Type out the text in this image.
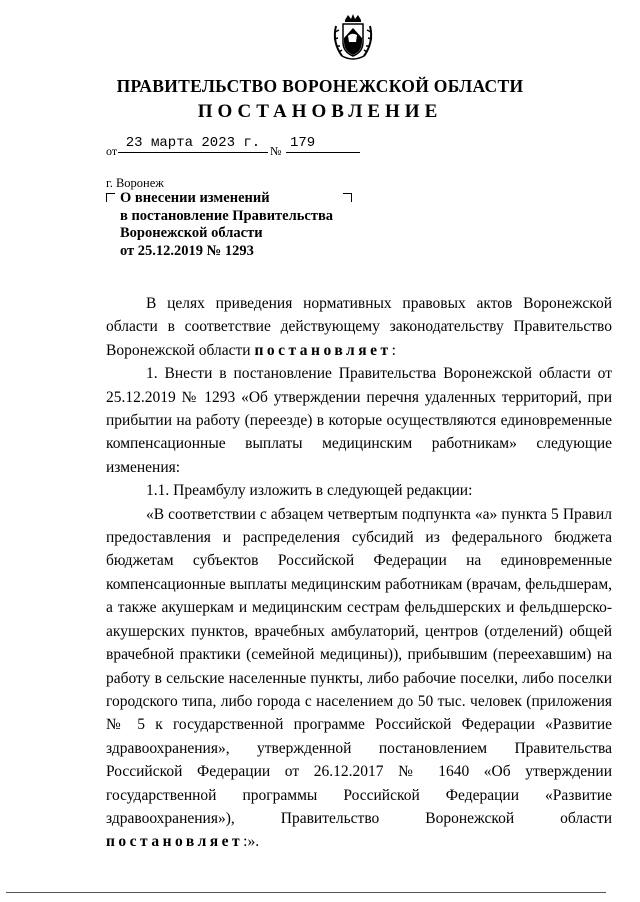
ПРАВИТЕЛЬСТВО ВОРОНЕЖСКОЙ ОБЛАСТИ
ПОСТАНОВЛЕНИЕ
от 23 марта 2023 г. № 179
г. Воронеж
О внесении изменений
в постановление Правительства
Воронежской области
от 25.12.2019 № 1293

В целях приведения нормативных правовых актов Воронежской области в соответствие действующему законодательству Правительство Воронежской области постановляет:

1. Внести в постановление Правительства Воронежской области от 25.12.2019 № 1293 «Об утверждении перечня удаленных территорий, при прибытии на работу (переезде) в которые осуществляются единовременные компенсационные выплаты медицинским работникам» следующие изменения:

1.1. Преамбулу изложить в следующей редакции:

«В соответствии с абзацем четвертым подпункта «а» пункта 5 Правил предоставления и распределения субсидий из федерального бюджета бюджетам субъектов Российской Федерации на единовременные компенсационные выплаты медицинским работникам (врачам, фельдшерам, а также акушеркам и медицинским сестрам фельдшерских и фельдшерско-акушерских пунктов, врачебных амбулаторий, центров (отделений) общей врачебной практики (семейной медицины)), прибывшим (переехавшим) на работу в сельские населенные пункты, либо рабочие поселки, либо поселки городского типа, либо города с населением до 50 тыс. человек (приложения № 5 к государственной программе Российской Федерации «Развитие здравоохранения», утвержденной постановлением Правительства Российской Федерации от 26.12.2017 № 1640 «Об утверждении государственной программы Российской Федерации «Развитие здравоохранения»), Правительство Воронежской области постановляет:».
